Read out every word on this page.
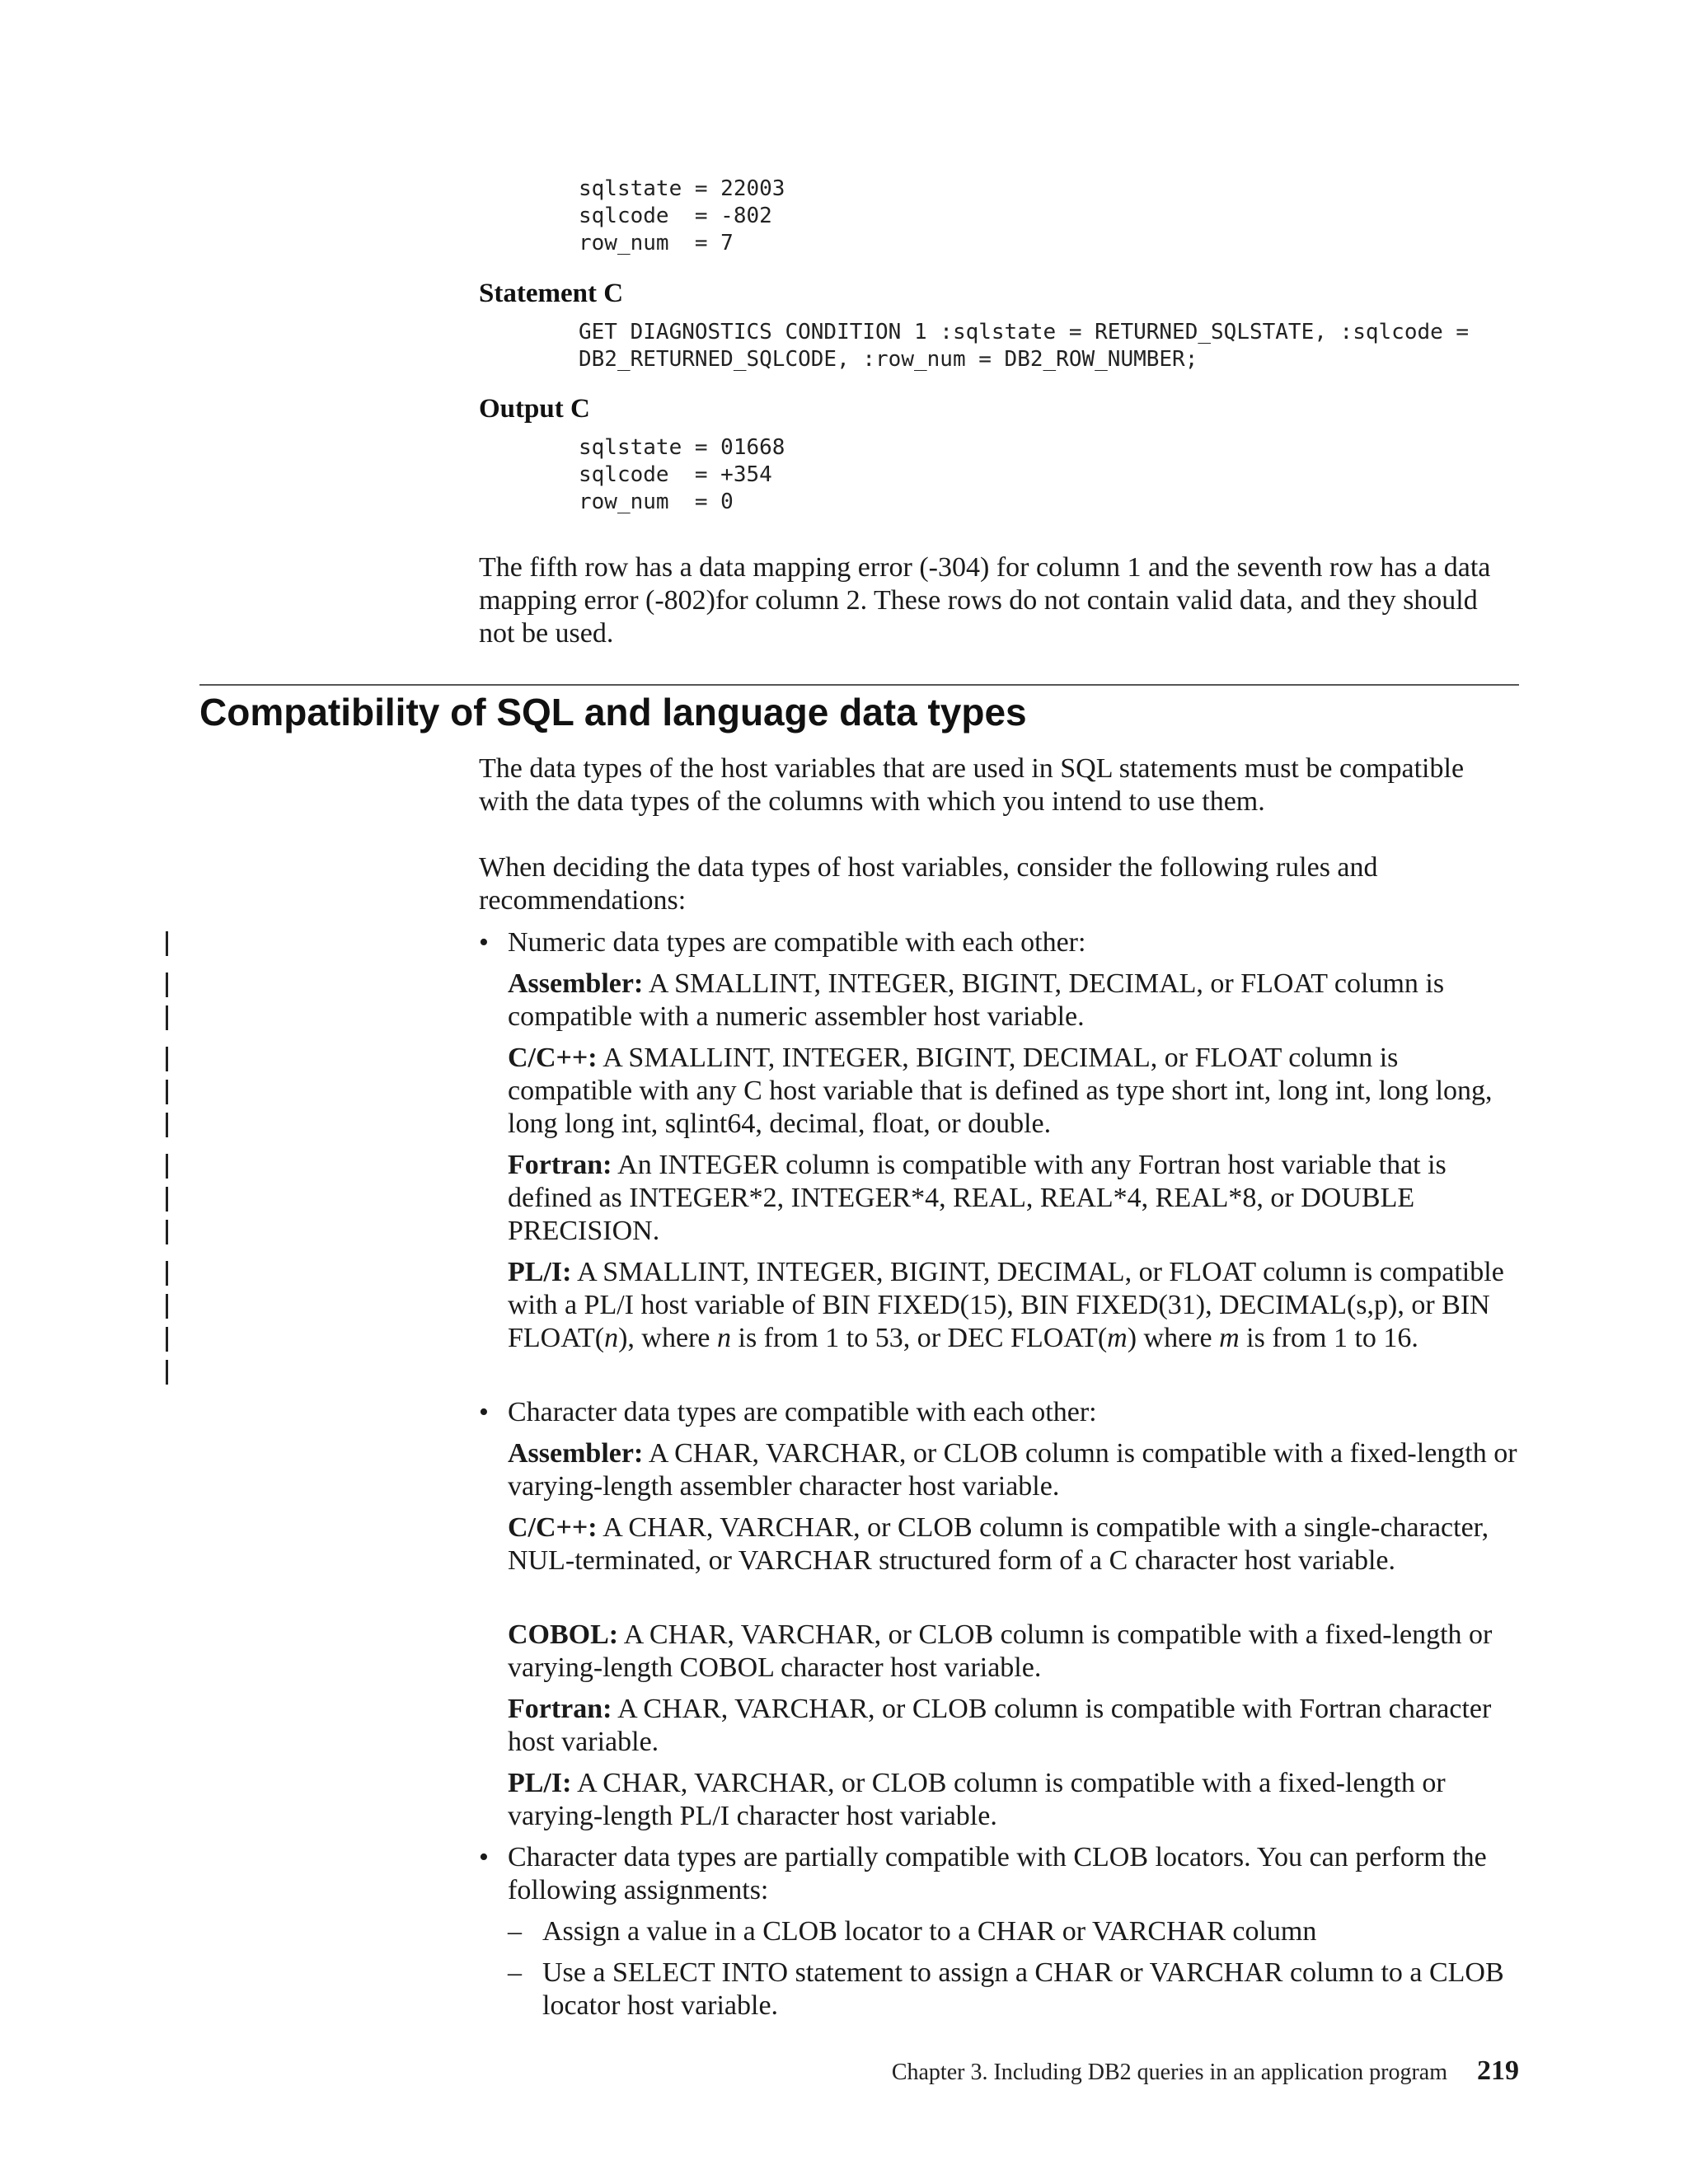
sqlstate = 22003
sqlcode  = -802
row_num  = 7
Statement C
GET DIAGNOSTICS CONDITION 1 :sqlstate = RETURNED_SQLSTATE, :sqlcode =
DB2_RETURNED_SQLCODE, :row_num = DB2_ROW_NUMBER;
Output C
sqlstate = 01668
sqlcode  = +354
row_num  = 0

The fifth row has a data mapping error (-304) for column 1 and the seventh row has a data mapping error (-802)for column 2. These rows do not contain valid data, and they should not be used.

Compatibility of SQL and language data types

The data types of the host variables that are used in SQL statements must be compatible with the data types of the columns with which you intend to use them.

When deciding the data types of host variables, consider the following rules and recommendations:

• Numeric data types are compatible with each other:

Assembler: A SMALLINT, INTEGER, BIGINT, DECIMAL, or FLOAT column is compatible with a numeric assembler host variable.

C/C++: A SMALLINT, INTEGER, BIGINT, DECIMAL, or FLOAT column is compatible with any C host variable that is defined as type short int, long int, long long, long long int, sqlint64, decimal, float, or double.

Fortran: An INTEGER column is compatible with any Fortran host variable that is defined as INTEGER*2, INTEGER*4, REAL, REAL*4, REAL*8, or DOUBLE PRECISION.

PL/I: A SMALLINT, INTEGER, BIGINT, DECIMAL, or FLOAT column is compatible with a PL/I host variable of BIN FIXED(15), BIN FIXED(31), DECIMAL(s,p), or BIN FLOAT(n), where n is from 1 to 53, or DEC FLOAT(m) where m is from 1 to 16.

• Character data types are compatible with each other:

Assembler: A CHAR, VARCHAR, or CLOB column is compatible with a fixed-length or varying-length assembler character host variable.

C/C++: A CHAR, VARCHAR, or CLOB column is compatible with a single-character, NUL-terminated, or VARCHAR structured form of a C character host variable.

COBOL: A CHAR, VARCHAR, or CLOB column is compatible with a fixed-length or varying-length COBOL character host variable.

Fortran: A CHAR, VARCHAR, or CLOB column is compatible with Fortran character host variable.

PL/I: A CHAR, VARCHAR, or CLOB column is compatible with a fixed-length or varying-length PL/I character host variable.

• Character data types are partially compatible with CLOB locators. You can perform the following assignments:
– Assign a value in a CLOB locator to a CHAR or VARCHAR column
– Use a SELECT INTO statement to assign a CHAR or VARCHAR column to a CLOB locator host variable.
Chapter 3. Including DB2 queries in an application program 219
